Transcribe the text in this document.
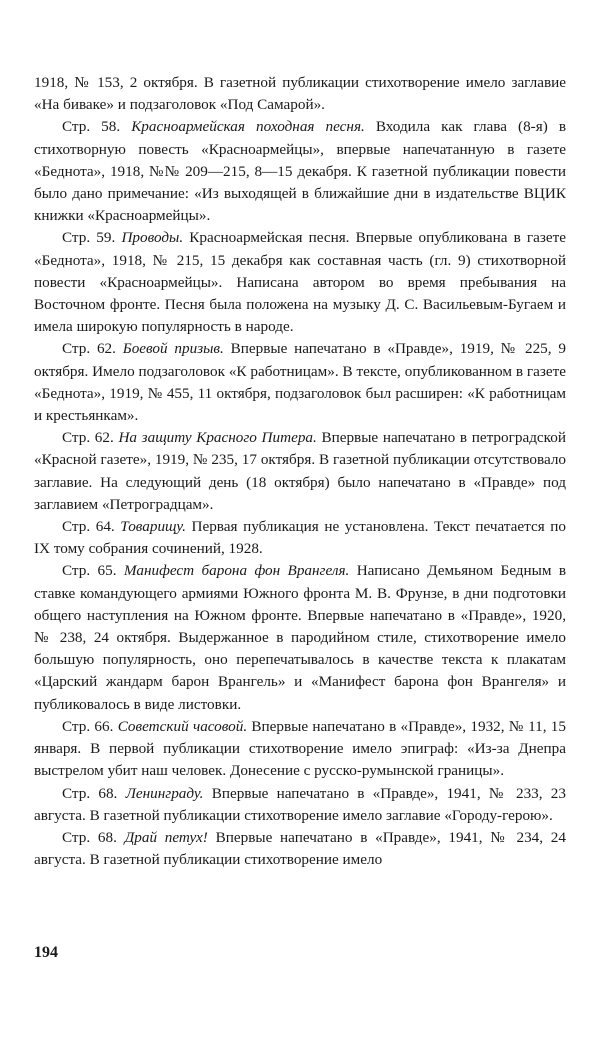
1918, № 153, 2 октября. В газетной публикации стихотворение имело заглавие «На биваке» и подзаголовок «Под Самарой».

Стр. 58. Красноармейская походная песня. Входила как глава (8-я) в стихотворную повесть «Красноармейцы», впервые напечатанную в газете «Беднота», 1918, №№ 209—215, 8—15 декабря. К газетной публикации повести было дано примечание: «Из выходящей в ближайшие дни в издательстве ВЦИК книжки «Красноармейцы».

Стр. 59. Проводы. Красноармейская песня. Впервые опубликована в газете «Беднота», 1918, № 215, 15 декабря как составная часть (гл. 9) стихотворной повести «Красноармейцы». Написана автором во время пребывания на Восточном фронте. Песня была положена на музыку Д. С. Васильевым-Бугаем и имела широкую популярность в народе.

Стр. 62. Боевой призыв. Впервые напечатано в «Правде», 1919, № 225, 9 октября. Имело подзаголовок «К работницам». В тексте, опубликованном в газете «Беднота», 1919, № 455, 11 октября, подзаголовок был расширен: «К работницам и крестьянкам».

Стр. 62. На защиту Красного Питера. Впервые напечатано в петроградской «Красной газете», 1919, № 235, 17 октября. В газетной публикации отсутствовало заглавие. На следующий день (18 октября) было напечатано в «Правде» под заглавием «Петроградцам».

Стр. 64. Товарищу. Первая публикация не установлена. Текст печатается по IX тому собрания сочинений, 1928.

Стр. 65. Манифест барона фон Врангеля. Написано Демьяном Бедным в ставке командующего армиями Южного фронта М. В. Фрунзе, в дни подготовки общего наступления на Южном фронте. Впервые напечатано в «Правде», 1920, № 238, 24 октября. Выдержанное в пародийном стиле, стихотворение имело большую популярность, оно перепечатывалось в качестве текста к плакатам «Царский жандарм барон Врангель» и «Манифест барона фон Врангеля» и публиковалось в виде листовки.

Стр. 66. Советский часовой. Впервые напечатано в «Правде», 1932, № 11, 15 января. В первой публикации стихотворение имело эпиграф: «Из-за Днепра выстрелом убит наш человек. Донесение с русско-румынской границы».

Стр. 68. Ленинграду. Впервые напечатано в «Правде», 1941, № 233, 23 августа. В газетной публикации стихотворение имело заглавие «Городу-герою».

Стр. 68. Драй петух! Впервые напечатано в «Правде», 1941, № 234, 24 августа. В газетной публикации стихотворение имело

194
